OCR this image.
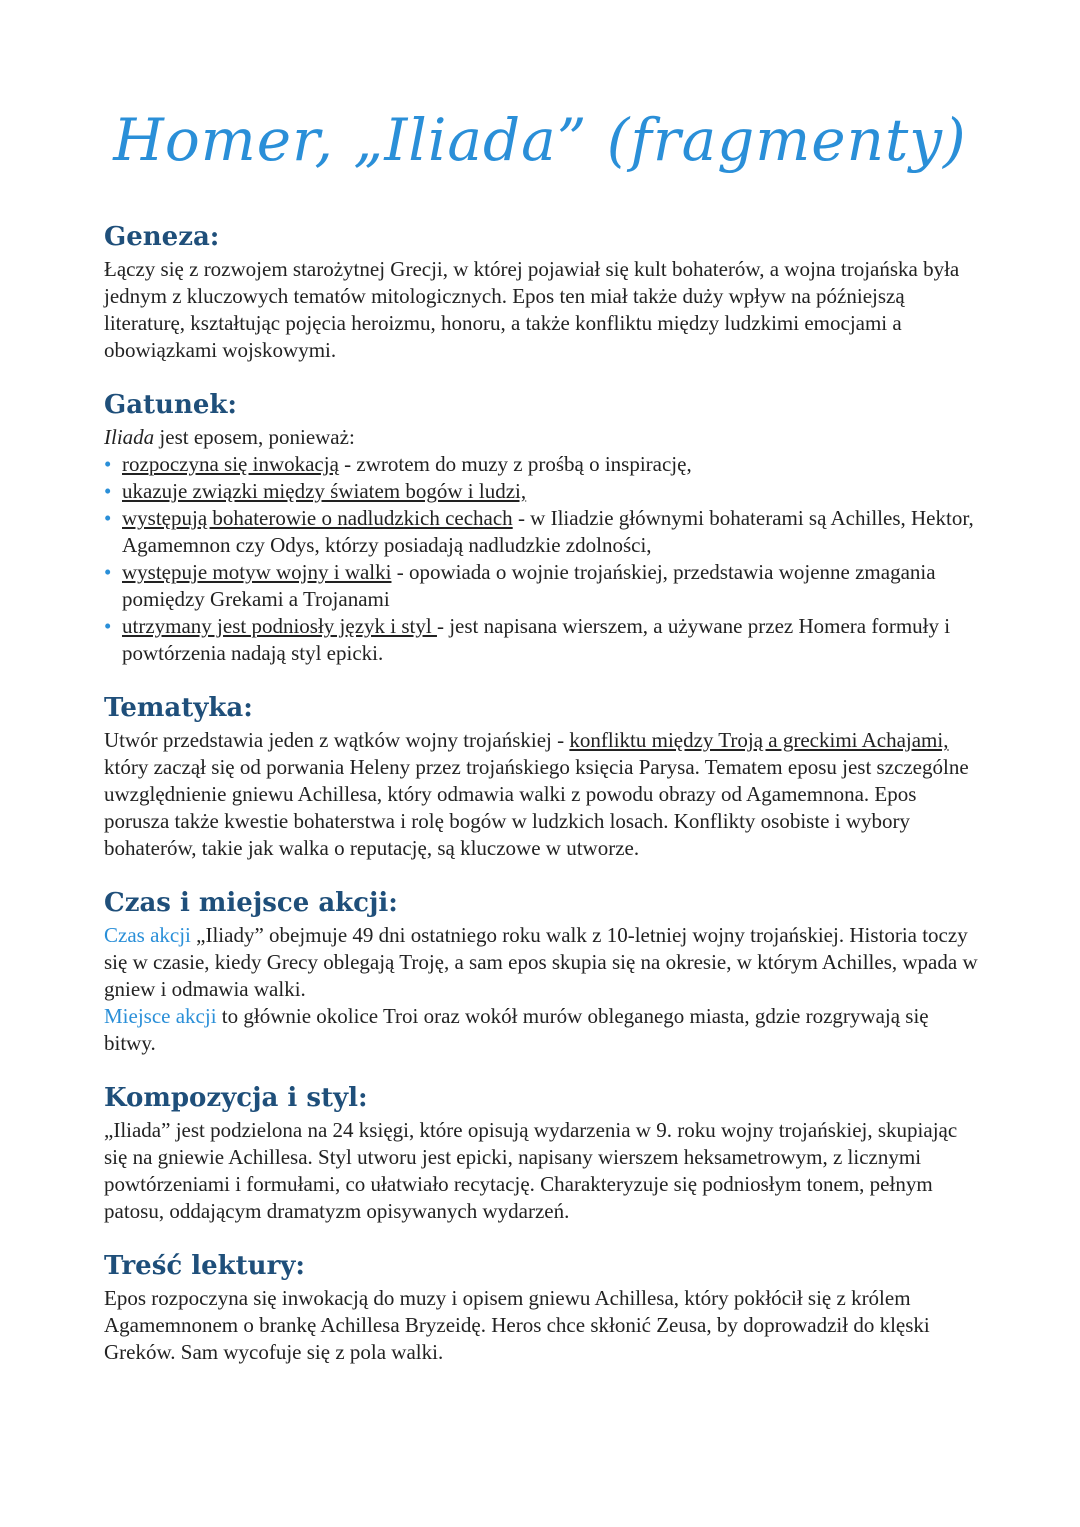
Homer, „Iliada” (fragmenty)
Geneza:

Łączy się z rozwojem starożytnej Grecji, w której pojawiał się kult bohaterów, a wojna trojańska była jednym z kluczowych tematów mitologicznych. Epos ten miał także duży wpływ na późniejszą literaturę, kształtując pojęcia heroizmu, honoru, a także konfliktu między ludzkimi emocjami a obowiązkami wojskowymi.

Gatunek:

Iliada jest eposem, ponieważ:

• rozpoczyna się inwokacją - zwrotem do muzy z prośbą o inspirację,
• ukazuje związki między światem bogów i ludzi,
• występują bohaterowie o nadludzkich cechach - w Iliadzie głównymi bohaterami są Achilles, Hektor, Agamemnon czy Odys, którzy posiadają nadludzkie zdolności,
• występuje motyw wojny i walki - opowiada o wojnie trojańskiej, przedstawia wojenne zmagania pomiędzy Grekami a Trojanami
• utrzymany jest podniosły język i styl - jest napisana wierszem, a używane przez Homera formuły i powtórzenia nadają styl epicki.
Tematyka:

Utwór przedstawia jeden z wątków wojny trojańskiej - konfliktu między Troją a greckimi Achajami, który zaczął się od porwania Heleny przez trojańskiego księcia Parysa. Tematem eposu jest szczególne uwzględnienie gniewu Achillesa, który odmawia walki z powodu obrazy od Agamemnona. Epos porusza także kwestie bohaterstwa i rolę bogów w ludzkich losach. Konflikty osobiste i wybory bohaterów, takie jak walka o reputację, są kluczowe w utworze.

Czas i miejsce akcji:

Czas akcji „Iliady” obejmuje 49 dni ostatniego roku walk z 10-letniej wojny trojańskiej. Historia toczy się w czasie, kiedy Grecy oblegają Troję, a sam epos skupia się na okresie, w którym Achilles, wpada w gniew i odmawia walki.

Miejsce akcji to głównie okolice Troi oraz wokół murów obleganego miasta, gdzie rozgrywają się bitwy.

Kompozycja i styl:

„Iliada” jest podzielona na 24 księgi, które opisują wydarzenia w 9. roku wojny trojańskiej, skupiając się na gniewie Achillesa. Styl utworu jest epicki, napisany wierszem heksametrowym, z licznymi powtórzeniami i formułami, co ułatwiało recytację. Charakteryzuje się podniosłym tonem, pełnym patosu, oddającym dramatyzm opisywanych wydarzeń.

Treść lektury:

Epos rozpoczyna się inwokacją do muzy i opisem gniewu Achillesa, który pokłócił się z królem Agamemnonem o brankę Achillesa Bryzeidę. Heros chce skłonić Zeusa, by doprowadził do klęski Greków. Sam wycofuje się z pola walki.
